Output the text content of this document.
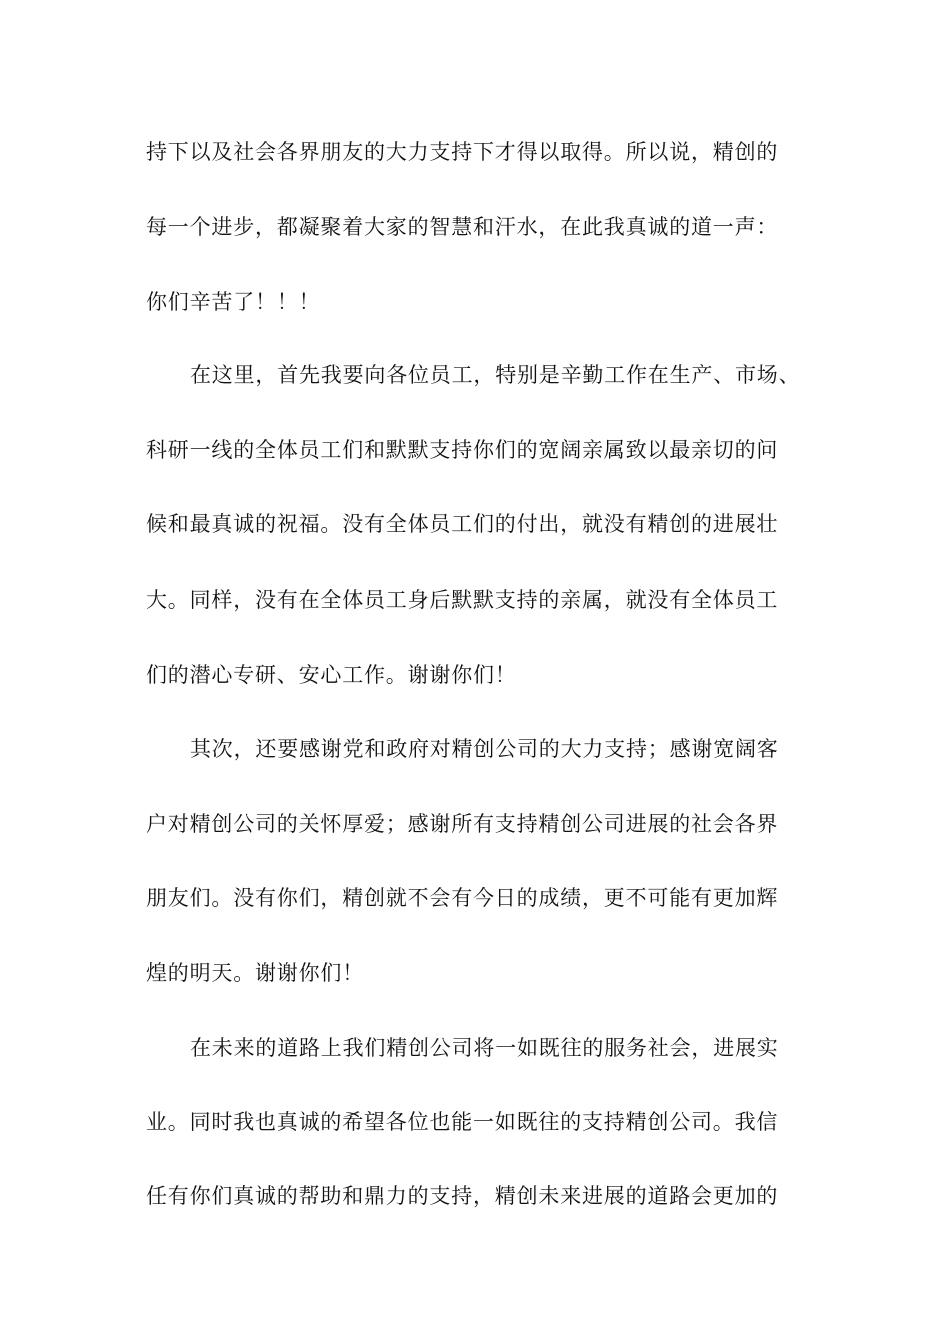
持下以及社会各界朋友的大力支持下才得以取得。所以说，精创的
每一个进步，都凝聚着大家的智慧和汗水，在此我真诚的道一声：
你们辛苦了！！！
在这里，首先我要向各位员工，特别是辛勤工作在生产、市场、
科研一线的全体员工们和默默支持你们的宽阔亲属致以最亲切的问
候和最真诚的祝福。没有全体员工们的付出，就没有精创的进展壮
大。同样，没有在全体员工身后默默支持的亲属，就没有全体员工
们的潜心专研、安心工作。谢谢你们！
其次，还要感谢党和政府对精创公司的大力支持；感谢宽阔客
户对精创公司的关怀厚爱；感谢所有支持精创公司进展的社会各界
朋友们。没有你们，精创就不会有今日的成绩，更不可能有更加辉
煌的明天。谢谢你们！
在未来的道路上我们精创公司将一如既往的服务社会，进展实
业。同时我也真诚的希望各位也能一如既往的支持精创公司。我信
任有你们真诚的帮助和鼎力的支持，精创未来进展的道路会更加的
